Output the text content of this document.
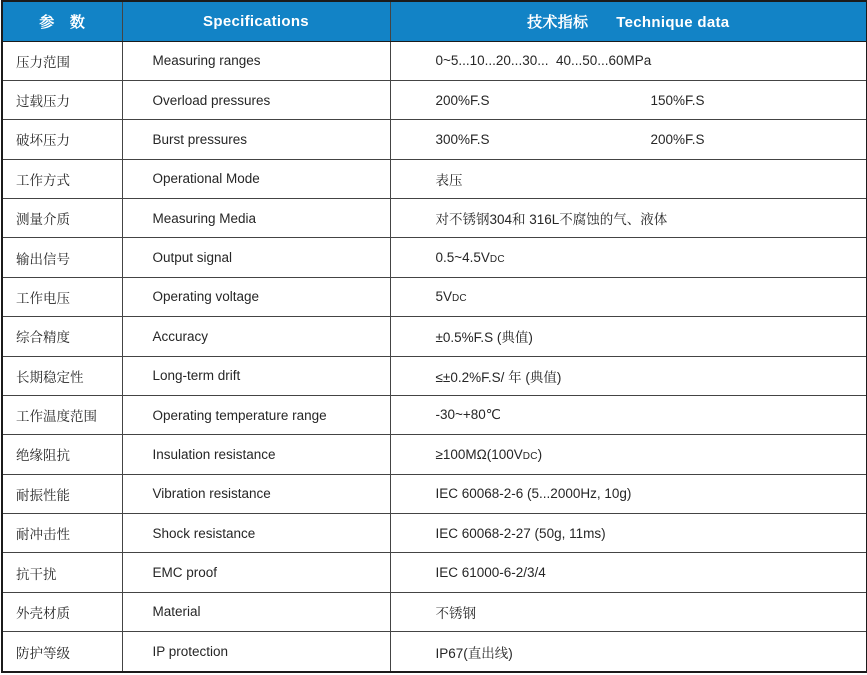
参　数	Specifications	技术指标 Technique data
压力范围	Measuring ranges	0~5...10...20...30...  40...50...60MPa
过载压力	Overload pressures	200%F.S 150%F.S
破坏压力	Burst pressures	300%F.S 200%F.S
工作方式	Operational Mode	表压
测量介质	Measuring Media	对不锈钢304和 316L不腐蚀的气、液体
输出信号	Output signal	0.5~4.5VDC
工作电压	Operating voltage	5VDC
综合精度	Accuracy	±0.5%F.S (典值)
长期稳定性	Long-term drift	≤±0.2%F.S/ 年 (典值)
工作温度范围	Operating temperature range	-30~+80℃
绝缘阻抗	Insulation resistance	≥100MΩ(100VDC)
耐振性能	Vibration resistance	IEC 60068-2-6 (5...2000Hz, 10g)
耐冲击性	Shock resistance	IEC 60068-2-27 (50g, 11ms)
抗干扰	EMC proof	IEC 61000-6-2/3/4
外壳材质	Material	不锈钢
防护等级	IP protection	IP67(直出线)
